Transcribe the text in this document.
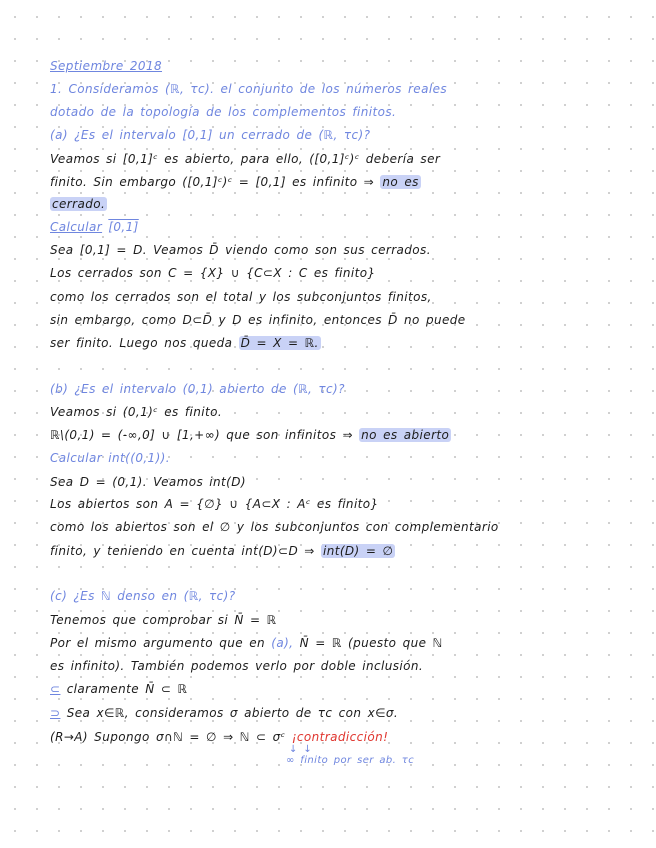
Septiembre 2018
1. Consideramos (ℝ, τc). el conjunto de los números reales
dotado de la topología de los complementos finitos.
(a) ¿Es el intervalo [0,1] un cerrado de (ℝ, τc)?
Veamos si [0,1]ᶜ es abierto, para ello, ([0,1]ᶜ)ᶜ debería ser
finito. Sin embargo ([0,1]ᶜ)ᶜ = [0,1] es infinito ⇒ no es
cerrado.
Calcular [0,1]
Sea [0,1] = D. Veamos D̄ viendo como son sus cerrados.
Los cerrados son C = {X} ∪ {C⊂X : C es finito}
como los cerrados son el total y los subconjuntos finitos,
sin embargo, como D⊂D̄ y D es infinito, entonces D̄ no puede
ser finito. Luego nos queda D̄ = X = ℝ.
(b) ¿Es el intervalo (0,1) abierto de (ℝ, τc)?
Veamos si (0,1)ᶜ es finito.
ℝ\(0,1) = (-∞,0] ∪ [1,+∞) que son infinitos ⇒ no es abierto
Calcular int((0,1)).
Sea D = (0,1). Veamos int(D)
Los abiertos son A = {∅} ∪ {A⊂X : Aᶜ es finito}
como los abiertos son el ∅ y los subconjuntos con complementario
finito, y teniendo en cuenta int(D)⊂D ⇒ int(D) = ∅
(c) ¿Es ℕ denso en (ℝ, τc)?
Tenemos que comprobar si N̄ = ℝ
Por el mismo argumento que en (a), N̄ = ℝ (puesto que ℕ
es infinito). También podemos verlo por doble inclusión.
⊂ claramente N̄ ⊂ ℝ
⊃ Sea x∈ℝ, consideramos σ abierto de τc con x∈σ.
(R→A) Supongo σ∩ℕ = ∅ ⇒ ℕ ⊂ σᶜ ¡contradicción!
↓ ↓
∞ finito por ser ab. τc
